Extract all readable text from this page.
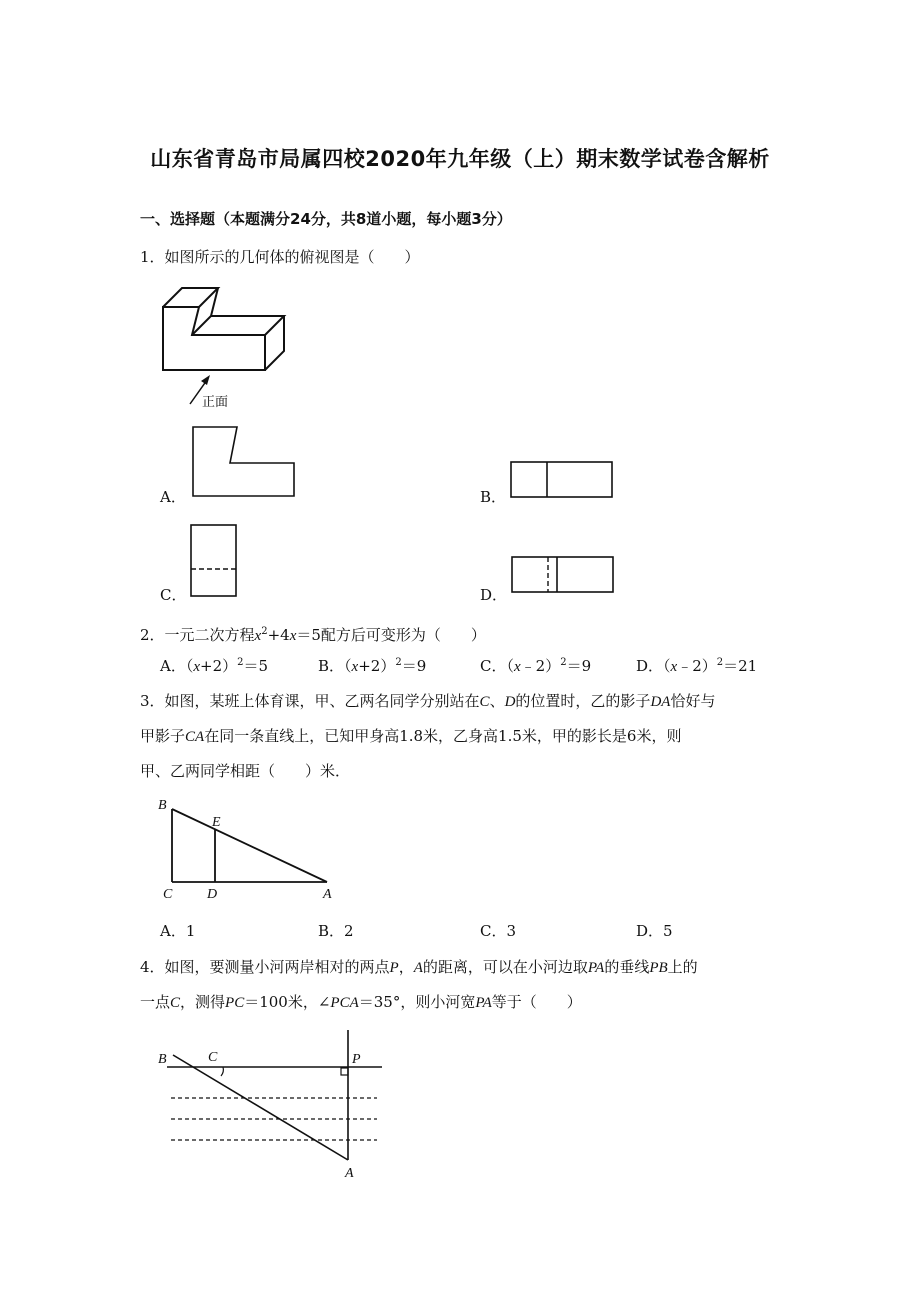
山东省青岛市局属四校2020年九年级（上）期末数学试卷含解析
一、选择题（本题满分24分，共8道小题，每小题3分）
1．如图所示的几何体的俯视图是（　　）
正面
A．	B．
C．	D．
2．一元二次方程$x^2+4x=5$配方后可变形为（　　）
A．$(x+2)^2=5$	B．$(x+2)^2=9$	C．（x﹣2）$^2$＝9	D．（x﹣2）$^2$＝21
3．如图，某班上体育课，甲、乙两名同学分别站在C、D的位置时，乙的影子DA恰好与
甲影子CA在同一条直线上，已知甲身高1.8米，乙身高1.5米，甲的影长是6米，则
甲、乙两同学相距（　　）米．
B
E
C D	A
A．1	B．2	C．3	D．5
4．如图，要测量小河两岸相对的两点P，A的距离，可以在小河边取PA的垂线PB上的
一点C，测得PC＝100米，∠PCA＝35°，则小河宽PA等于（　　）
B	C	P
A
